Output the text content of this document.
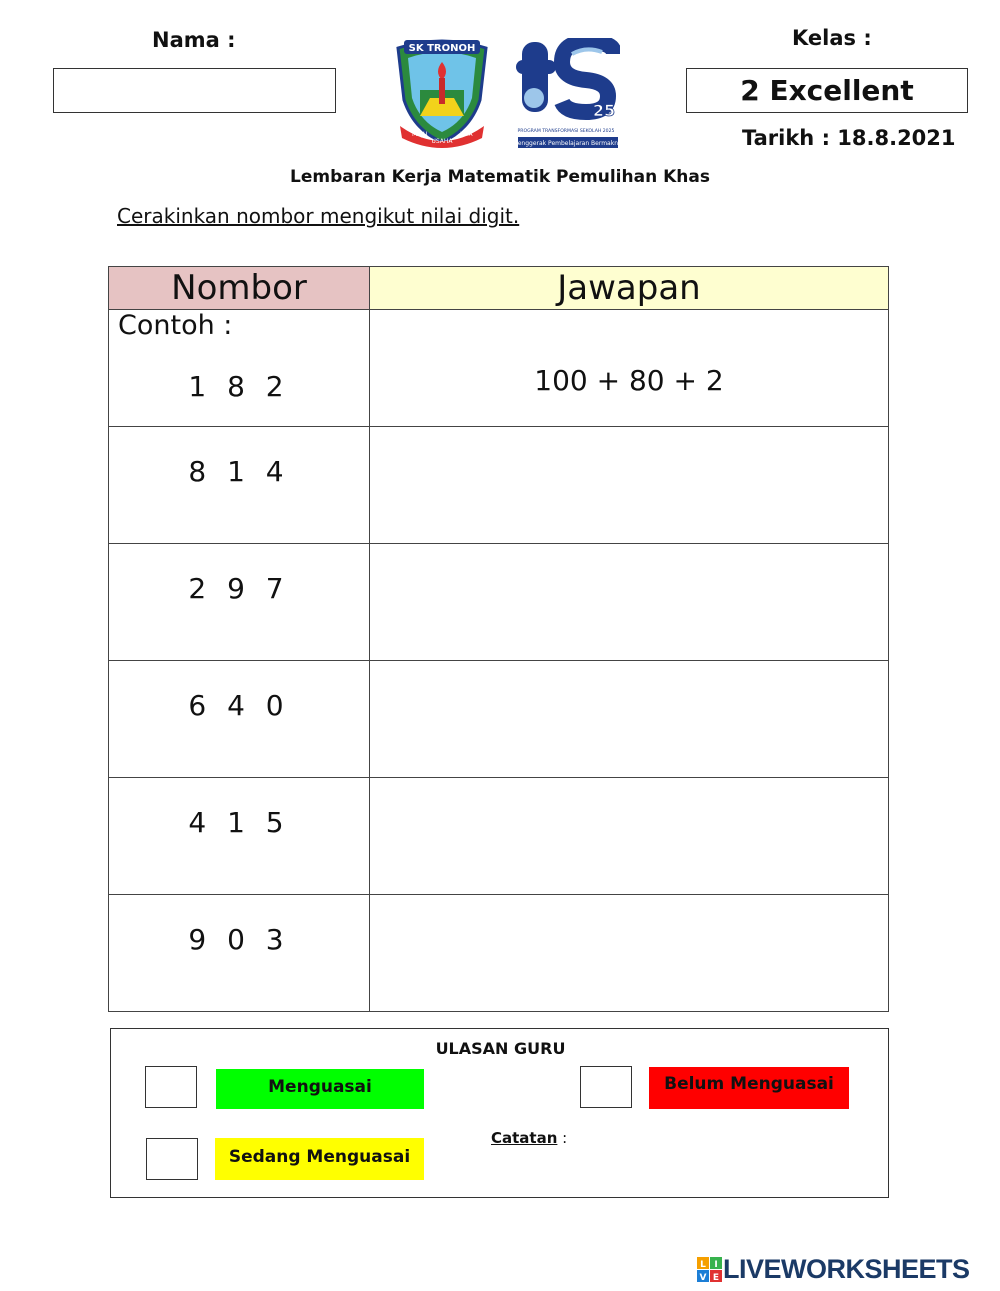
Nama :	Kelas :
2 Excellent
Tarikh : 18.8.2021
SK TRONOH
MAJU
USAHA
JAYA
25
PROGRAM TRANSFORMASI SEKOLAH 2025
Penggerak Pembelajaran Bermakna
Lembaran Kerja Matematik Pemulihan Khas
Cerakinkan nombor mengikut nilai digit.
Nombor	Jawapan

Contoh :
1 8 2	100 + 80 + 2

8 1 4	

2 9 7	

6 4 0	

4 1 5	

9 0 3	

ULASAN GURU
Menguasai	Belum Menguasai
Sedang Menguasai
Catatan :
L I
V E LIVEWORKSHEETS
